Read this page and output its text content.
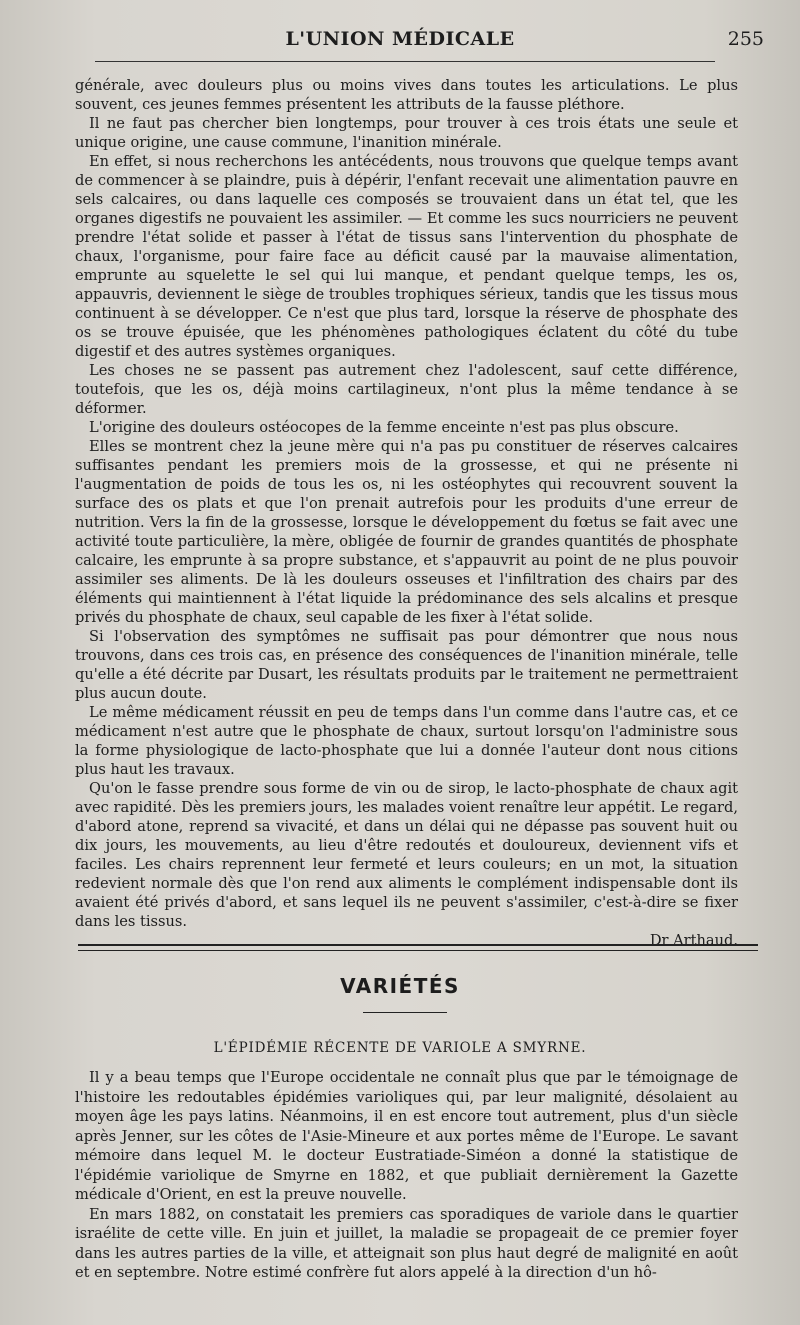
L'UNION MÉDICALE	255

générale, avec douleurs plus ou moins vives dans toutes les articulations. Le plus souvent, ces jeunes femmes présentent les attributs de la fausse pléthore.

Il ne faut pas chercher bien longtemps, pour trouver à ces trois états une seule et unique origine, une cause commune, l'inanition minérale.

En effet, si nous recherchons les antécédents, nous trouvons que quelque temps avant de commencer à se plaindre, puis à dépérir, l'enfant recevait une alimentation pauvre en sels calcaires, ou dans laquelle ces composés se trouvaient dans un état tel, que les organes digestifs ne pouvaient les assimiler. — Et comme les sucs nourriciers ne peuvent prendre l'état solide et passer à l'état de tissus sans l'intervention du phosphate de chaux, l'organisme, pour faire face au déficit causé par la mauvaise alimentation, emprunte au squelette le sel qui lui manque, et pendant quelque temps, les os, appauvris, deviennent le siège de troubles trophiques sérieux, tandis que les tissus mous continuent à se développer. Ce n'est que plus tard, lorsque la réserve de phosphate des os se trouve épuisée, que les phénomènes pathologiques éclatent du côté du tube digestif et des autres systèmes organiques.

Les choses ne se passent pas autrement chez l'adolescent, sauf cette différence, toutefois, que les os, déjà moins cartilagineux, n'ont plus la même tendance à se déformer.

L'origine des douleurs ostéocopes de la femme enceinte n'est pas plus obscure.

Elles se montrent chez la jeune mère qui n'a pas pu constituer de réserves calcaires suffisantes pendant les premiers mois de la grossesse, et qui ne présente ni l'augmentation de poids de tous les os, ni les ostéophytes qui recouvrent souvent la surface des os plats et que l'on prenait autrefois pour les produits d'une erreur de nutrition. Vers la fin de la grossesse, lorsque le développement du fœtus se fait avec une activité toute particulière, la mère, obligée de fournir de grandes quantités de phosphate calcaire, les emprunte à sa propre substance, et s'appauvrit au point de ne plus pouvoir assimiler ses aliments. De là les douleurs osseuses et l'infiltration des chairs par des éléments qui maintiennent à l'état liquide la prédominance des sels alcalins et presque privés du phosphate de chaux, seul capable de les fixer à l'état solide.

Si l'observation des symptômes ne suffisait pas pour démontrer que nous nous trouvons, dans ces trois cas, en présence des conséquences de l'inanition minérale, telle qu'elle a été décrite par Dusart, les résultats produits par le traitement ne permettraient plus aucun doute.

Le même médicament réussit en peu de temps dans l'un comme dans l'autre cas, et ce médicament n'est autre que le phosphate de chaux, surtout lorsqu'on l'administre sous la forme physiologique de lacto-phosphate que lui a donnée l'auteur dont nous citions plus haut les travaux.

Qu'on le fasse prendre sous forme de vin ou de sirop, le lacto-phosphate de chaux agit avec rapidité. Dès les premiers jours, les malades voient renaître leur appétit. Le regard, d'abord atone, reprend sa vivacité, et dans un délai qui ne dépasse pas souvent huit ou dix jours, les mouvements, au lieu d'être redoutés et douloureux, deviennent vifs et faciles. Les chairs reprennent leur fermeté et leurs couleurs; en un mot, la situation redevient normale dès que l'on rend aux aliments le complément indispensable dont ils avaient été privés d'abord, et sans lequel ils ne peuvent s'assimiler, c'est-à-dire se fixer dans les tissus.

Dr Arthaud.
VARIÉTÉS
L'ÉPIDÉMIE RÉCENTE DE VARIOLE A SMYRNE.

Il y a beau temps que l'Europe occidentale ne connaît plus que par le témoignage de l'histoire les redoutables épidémies varioliques qui, par leur malignité, désolaient au moyen âge les pays latins. Néanmoins, il en est encore tout autrement, plus d'un siècle après Jenner, sur les côtes de l'Asie-Mineure et aux portes même de l'Europe. Le savant mémoire dans lequel M. le docteur Eustratiade-Siméon a donné la statistique de l'épidémie variolique de Smyrne en 1882, et que publiait dernièrement la Gazette médicale d'Orient, en est la preuve nouvelle.

En mars 1882, on constatait les premiers cas sporadiques de variole dans le quartier israélite de cette ville. En juin et juillet, la maladie se propageait de ce premier foyer dans les autres parties de la ville, et atteignait son plus haut degré de malignité en août et en septembre. Notre estimé confrère fut alors appelé à la direction d'un hô-
